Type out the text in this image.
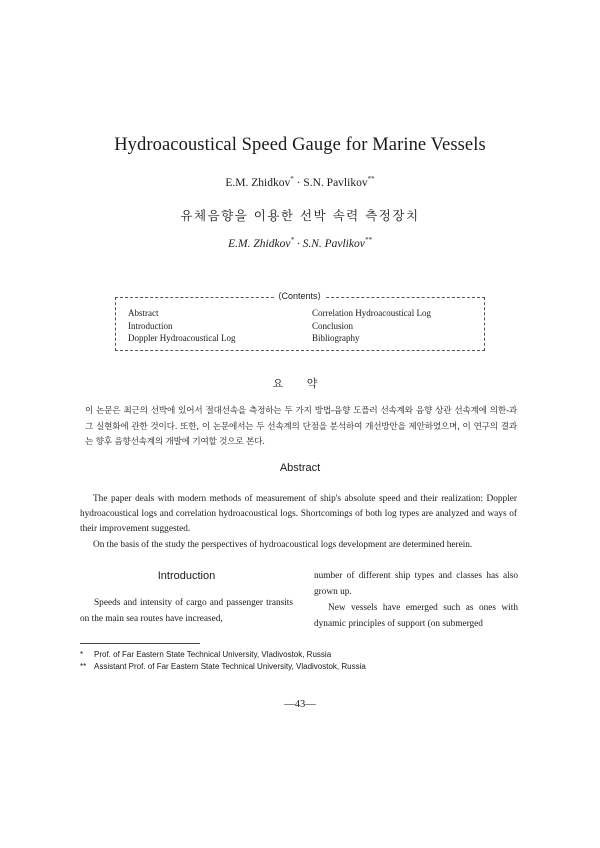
Hydroacoustical Speed Gauge for Marine Vessels
E.M. Zhidkov* · S.N. Pavlikov**
유체음향을 이용한 선박 속력 측정장치
E.M. Zhidkov* · S.N. Pavlikov**
⟨Contents⟩
Abstract
Introduction
Doppler Hydroacoustical Log
Correlation Hydroacoustical Log
Conclusion
Bibliography
요 약
이 논문은 최근의 선박에 있어서 절대선속을 측정하는 두 가지 방법-음향 도플러 선속계와 음향 상관 선속계에 의한-과 그 실현화에 관한 것이다. 또한, 이 논문에서는 두 선속계의 단점을 분석하여 개선방안을 제안하였으며, 이 연구의 결과는 향후 음향선속계의 개발에 기여할 것으로 본다.
Abstract
The paper deals with modern methods of measurement of ship's absolute speed and their realization: Doppler hydroacoustical logs and correlation hydroacoustical logs. Shortcomings of both log types are analyzed and ways of their improvement suggested.
On the basis of the study the perspectives of hydroacoustical logs development are determined herein.
Introduction
Speeds and intensity of cargo and passenger transits on the main sea routes have increased,
number of different ship types and classes has also grown up.
New vessels have emerged such as ones with dynamic principles of support (on submerged
* Prof. of Far Eastern State Technical University, Vladivostok, Russia
** Assistant Prof. of Far Eastern State Technical University, Vladivostok, Russia
—43—
